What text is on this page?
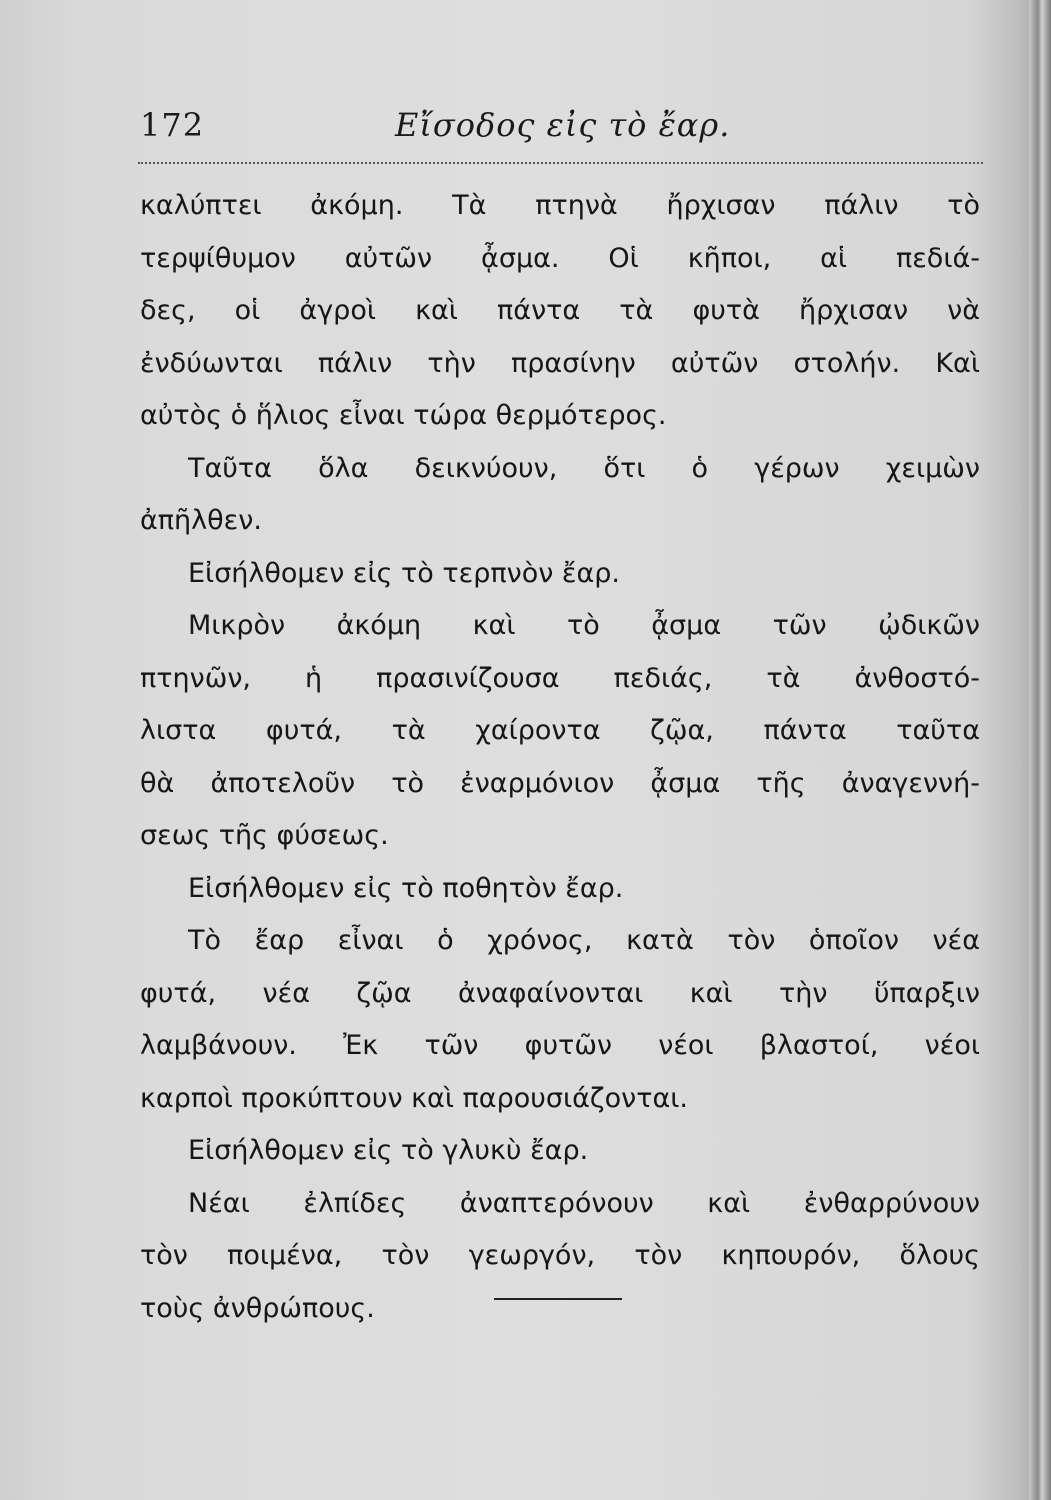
172	Εἴσοδος εἰς τὸ ἔαρ.
καλύπτει ἀκόμη. Τὰ πτηνὰ ἤρχισαν πάλιν τὸ
τερψίθυμον αὐτῶν ᾆσμα. Οἱ κῆποι, αἱ πεδιά-
δες, οἱ ἀγροὶ καὶ πάντα τὰ φυτὰ ἤρχισαν νὰ
ἐνδύωνται πάλιν τὴν πρασίνην αὐτῶν στολήν. Καὶ
αὐτὸς ὁ ἥλιος εἶναι τώρα θερμότερος.
Ταῦτα ὅλα δεικνύουν, ὅτι ὁ γέρων χειμὼν
ἀπῆλθεν.
Εἰσήλθομεν εἰς τὸ τερπνὸν ἔαρ.
Μικρὸν ἀκόμη καὶ τὸ ᾆσμα τῶν ᾠδικῶν
πτηνῶν, ἡ πρασινίζουσα πεδιάς, τὰ ἀνθοστό-
λιστα φυτά, τὰ χαίροντα ζῷα, πάντα ταῦτα
θὰ ἀποτελοῦν τὸ ἐναρμόνιον ᾆσμα τῆς ἀναγεννή-
σεως τῆς φύσεως.
Εἰσήλθομεν εἰς τὸ ποθητὸν ἔαρ.
Τὸ ἔαρ εἶναι ὁ χρόνος, κατὰ τὸν ὁποῖον νέα
φυτά, νέα ζῷα ἀναφαίνονται καὶ τὴν ὕπαρξιν
λαμβάνουν. Ἐκ τῶν φυτῶν νέοι βλαστοί, νέοι
καρποὶ προκύπτουν καὶ παρουσιάζονται.
Εἰσήλθομεν εἰς τὸ γλυκὺ ἔαρ.
Νέαι ἐλπίδες ἀναπτερόνουν καὶ ἐνθαρρύνουν
τὸν ποιμένα, τὸν γεωργόν, τὸν κηπουρόν, ὅλους
τοὺς ἀνθρώπους.
